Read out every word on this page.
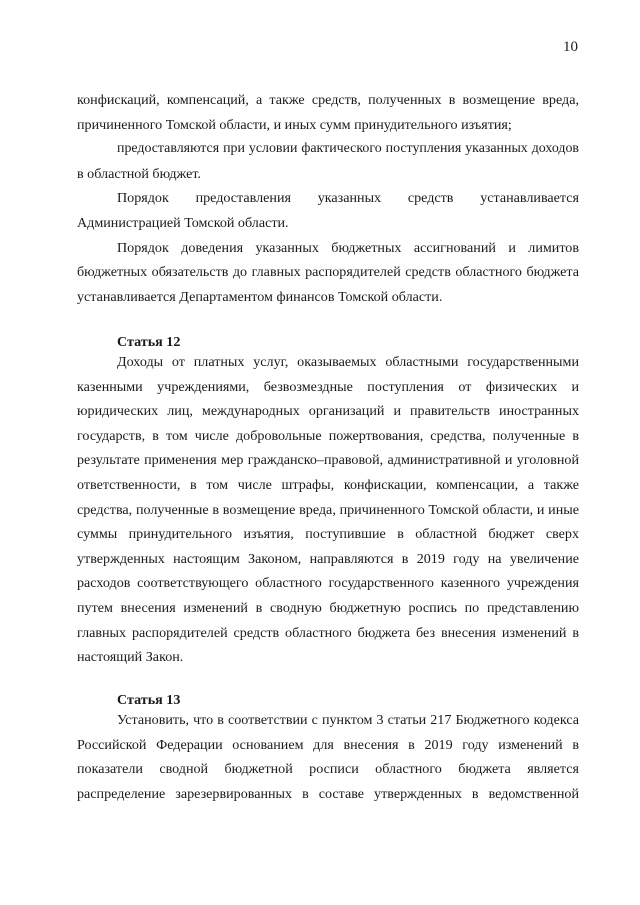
10
конфискаций, компенсаций, а также средств, полученных в возмещение вреда,
причиненного Томской области, и иных сумм принудительного изъятия;
предоставляются при условии фактического поступления указанных доходов
в областной бюджет.
Порядок предоставления указанных средств устанавливается
Администрацией Томской области.
Порядок доведения указанных бюджетных ассигнований и лимитов
бюджетных обязательств до главных распорядителей средств областного бюджета
устанавливается Департаментом финансов Томской области.
Статья 12
Доходы от платных услуг, оказываемых областными государственными
казенными учреждениями, безвозмездные поступления от физических и
юридических лиц, международных организаций и правительств иностранных
государств, в том числе добровольные пожертвования, средства, полученные в
результате применения мер гражданско–правовой, административной и уголовной
ответственности, в том числе штрафы, конфискации, компенсации, а также
средства, полученные в возмещение вреда, причиненного Томской области, и иные
суммы принудительного изъятия, поступившие в областной бюджет сверх
утвержденных настоящим Законом, направляются в 2019 году на увеличение
расходов соответствующего областного государственного казенного учреждения
путем внесения изменений в сводную бюджетную роспись по представлению
главных распорядителей средств областного бюджета без внесения изменений в
настоящий Закон.
Статья 13
Установить, что в соответствии с пунктом 3 статьи 217 Бюджетного кодекса
Российской Федерации основанием для внесения в 2019 году изменений в
показатели сводной бюджетной росписи областного бюджета является
распределение зарезервированных в составе утвержденных в ведомственной
